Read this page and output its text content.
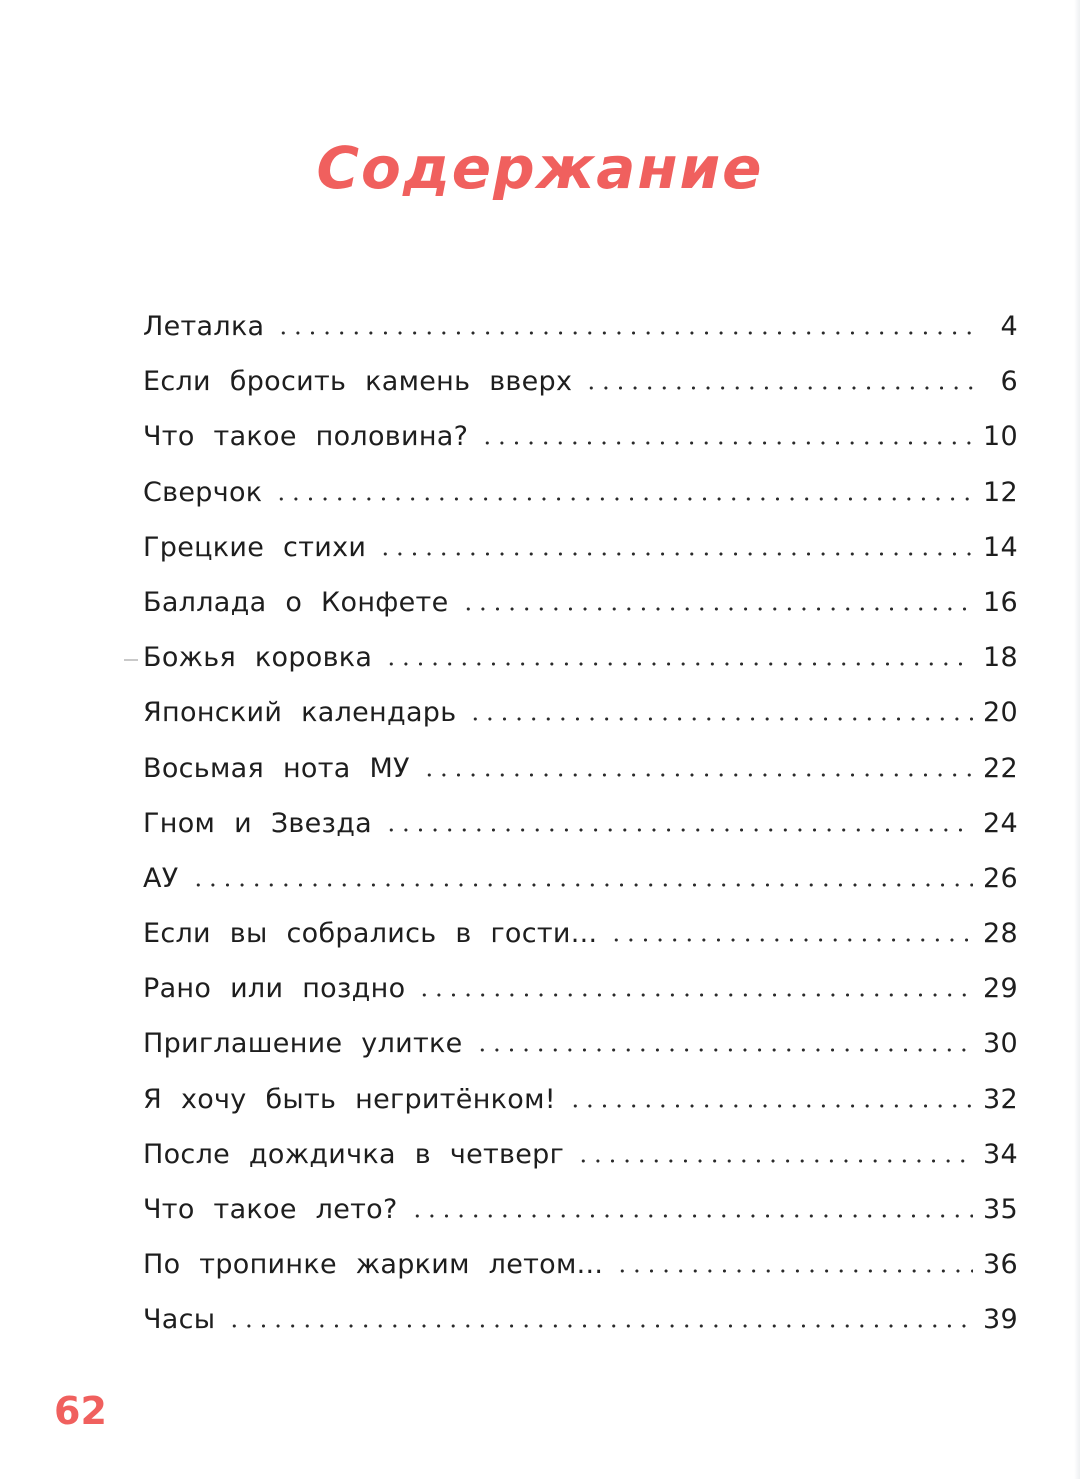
Содержание
Леталка	4
Если бросить камень вверх	6
Что такое половина?	10
Сверчок	12
Грецкие стихи	14
Баллада о Конфете	16
Божья коровка	18
Японский календарь	20
Восьмая нота МУ	22
Гном и Звезда	24
АУ	26
Если вы собрались в гости...	28
Рано или поздно	29
Приглашение улитке	30
Я хочу быть негритёнком!	32
После дождичка в четверг	34
Что такое лето?	35
По тропинке жарким летом...	36
Часы	39
62
